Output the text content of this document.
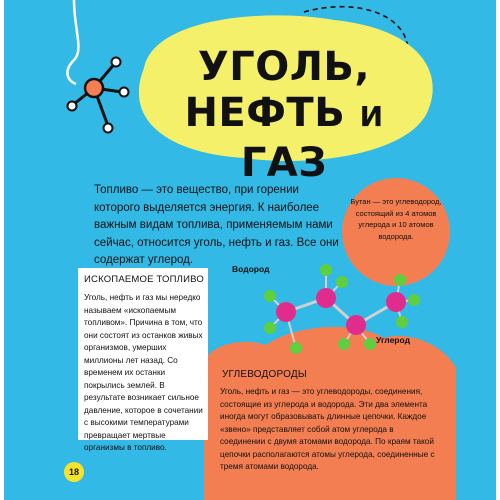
УГОЛЬ,
НЕФТЬ И ГАЗ
Топливо — это вещество, при горении которого выделяется энергия. К наиболее важным видам топлива, применяемым нами сейчас, относится уголь, нефть и газ. Все они содержат углерод.
Бутан — это углеводород, состоящий из 4 атомов углерода и 10 атомов водорода.
ИСКОПАЕМОЕ ТОПЛИВО
Уголь, нефть и газ мы нередко называем «ископаемым топливом». Причина в том, что они состоят из останков живых организмов, умерших миллионы лет назад. Со временем их останки покрылись землей. В результате возникает сильное давление, которое в сочетании с высокими температурами превращает мертвые организмы в топливо.
Водород
Углерод
УГЛЕВОДОРОДЫ
Уголь, нефть и газ — это углеводороды, соединения, состоящие из углерода и водорода. Эти два элемента иногда могут образовывать длинные цепочки. Каждое «звено» представляет собой атом углерода в соединении с двумя атомами водорода. По краям такой цепочки располагаются атомы углерода, соединенные с тремя атомами водорода.
18
